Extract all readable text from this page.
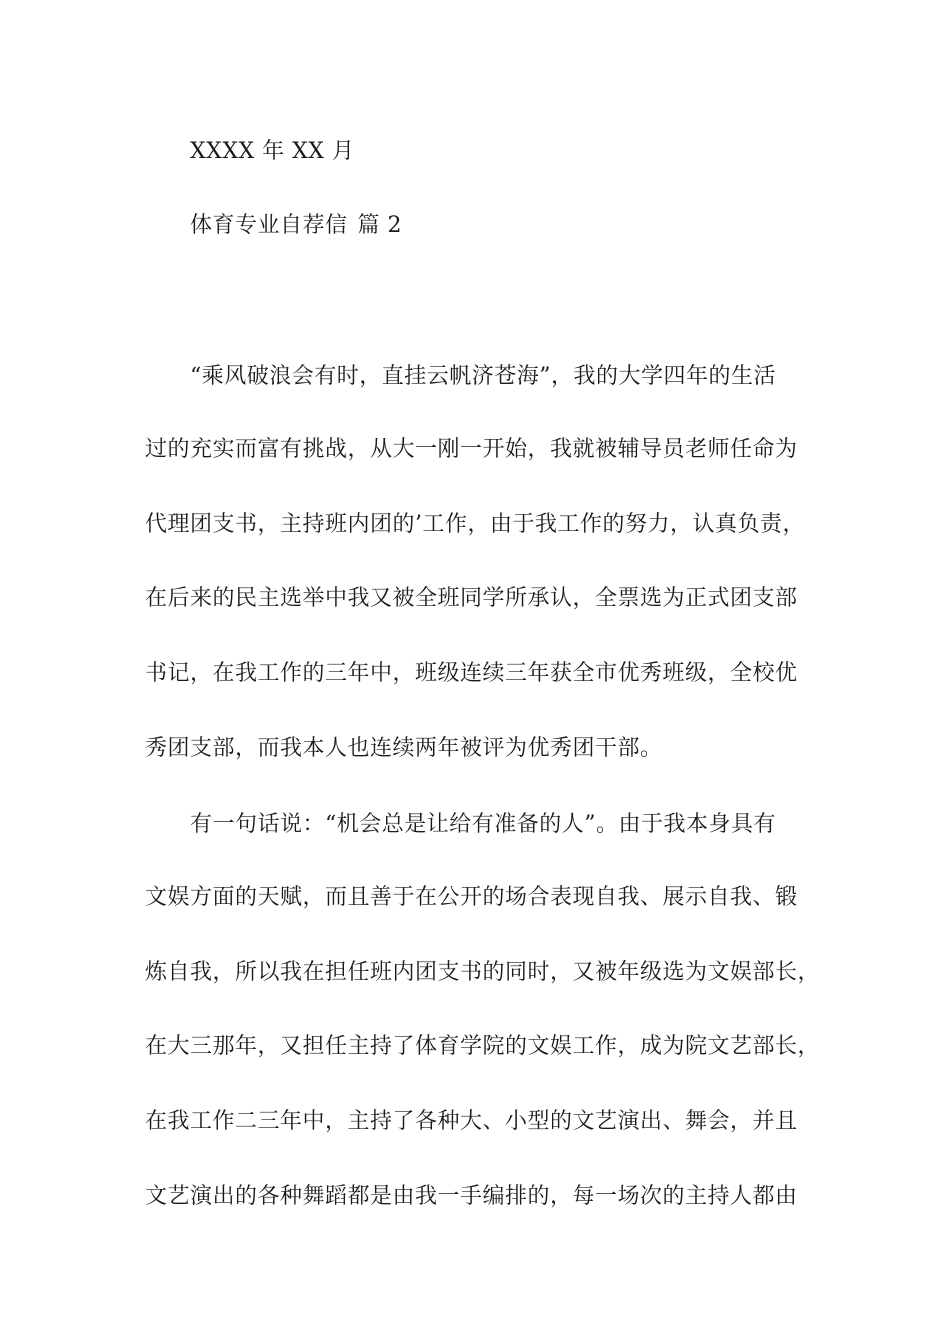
XXXX 年 XX 月
体育专业自荐信 篇 2
“乘风破浪会有时，直挂云帆济苍海”，我的大学四年的生活
过的充实而富有挑战，从大一刚一开始，我就被辅导员老师任命为
代理团支书，主持班内团的’工作，由于我工作的努力，认真负责，
在后来的民主选举中我又被全班同学所承认，全票选为正式团支部
书记，在我工作的三年中，班级连续三年获全市优秀班级，全校优
秀团支部，而我本人也连续两年被评为优秀团干部。
有一句话说：“机会总是让给有准备的人”。由于我本身具有
文娱方面的天赋，而且善于在公开的场合表现自我、展示自我、锻
炼自我，所以我在担任班内团支书的同时，又被年级选为文娱部长，
在大三那年，又担任主持了体育学院的文娱工作，成为院文艺部长，
在我工作二三年中，主持了各种大、小型的文艺演出、舞会，并且
文艺演出的各种舞蹈都是由我一手编排的，每一场次的主持人都由
